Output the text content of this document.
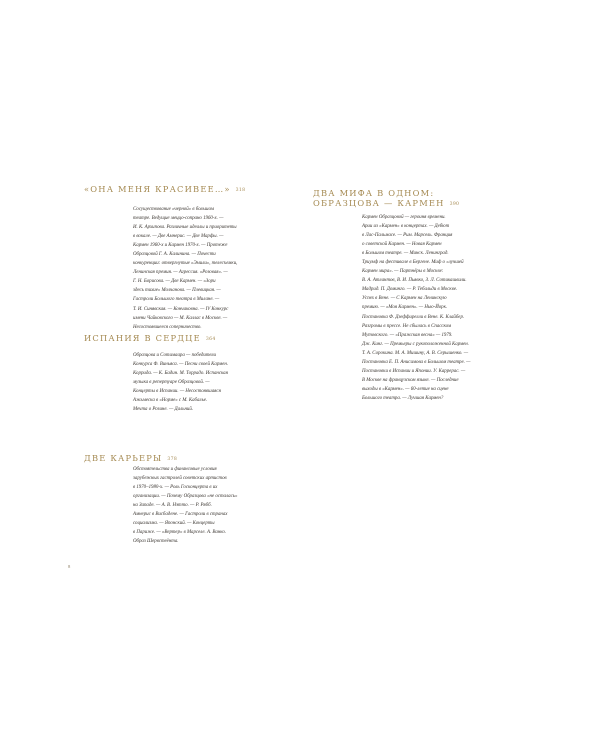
«ОНА МЕНЯ КРАСИВЕЕ…» 318
Сосуществование «черной» в большом
театре. Ведущие меццо-сопрано 1960-х. —
И. К. Архипова. Различные идеалы и приоритеты
в вокале. — Две Амнерис. — Две Марфы. —
Кармен 1960-х и Кармен 1970-х. — Протеже
Образцовой Г. А. Калинина. — Почести
конкуренции: отвергнутые «Эмили», телесъемки,
Ленинская премия. — Агрессия. «Розовая». —
Г. Н. Борисова. — Две Кармен. — «Зори
здесь тихие» Молчанова. — Плевицкая. —
Гастроли Большого театра в Милане. —
Т. И. Синявская. — Кончаковна. — IV Конкурс
имени Чайковского — М. Каллас в Москве. —
Несостоявшееся соперничество.
ИСПАНИЯ В СЕРДЦЕ 364
Образцова и Сотимаара — победители
Конкурса Ф. Виньяса. — Песни своей Кармен.
Коррида. — К. Бадин. М. Торрадо. Испанская
музыка в репертуаре Образцовой. —
Концерты в Испании. — Несостоявшаяся
Ажьмеска в «Норме» с М. Кабалье.
Мечта о Розине. — Дальний.
ДВЕ КАРЬЕРЫ 378
Обстоятельства и финансовые условия
зарубежных гастролей советских артистов
в 1970–1980-х. — Роль Госконцерта в их
организации. — Почему Образцова «не осталась»
на Западе. — А. В. Нэтто. — Р. Рябб.
Амнерис в Висбадене. — Гастроли в странах
социализма. — Японский. — Концерты
в Париже. — «Вертер» в Марселе. А. Ванко.
Образ Шервстеёнта.
ДВА МИФА В ОДНОМ:
ОБРАЗЦОВА — КАРМЕН 390
Кармен Образцовой — героиня времени.
Арии из «Кармен» в концертах. — Дебют
в Лас-Пальмасе. — Рим. Марсель. Франция
о советской Кармен. — Новая Кармен
в Большом театре. — Минск. Ленинград.
Триумф на фестивале в Бергене. Миф о «лучшей
Кармен мира». — Партнёры в Москве:
В. А. Атлантов, В. И. Пьявко, З. Л. Сотикашвили.
Мадрид. П. Доминго. — Р. Тебальди в Москве.
Успех в Вене. — С Кармен на Ленинскую
премию. — «Моя Кармен». — Нью-Йорк.
Постановка Ф. Дзеффирелли в Вене. К. Клайбер.
Разгромы в прессе. Не сбылась в Спасском
Мутовского. — «Пражская весна» — 1979.
Дж. Кинг. — Премьеры с рукоположенной Кармен.
Т. А. Сорокина. М. А. Мишину, А. В. Серышенко. —
Постановка Е. П. Анисимова в Большом театре. —
Постановки в Испании и Японии. У. Каррерас. —
В Москве на французском языке. — Последние
выходы в «Кармен». — 60-летие на сцене
Большого театра. — Лучшая Кармен?
8
